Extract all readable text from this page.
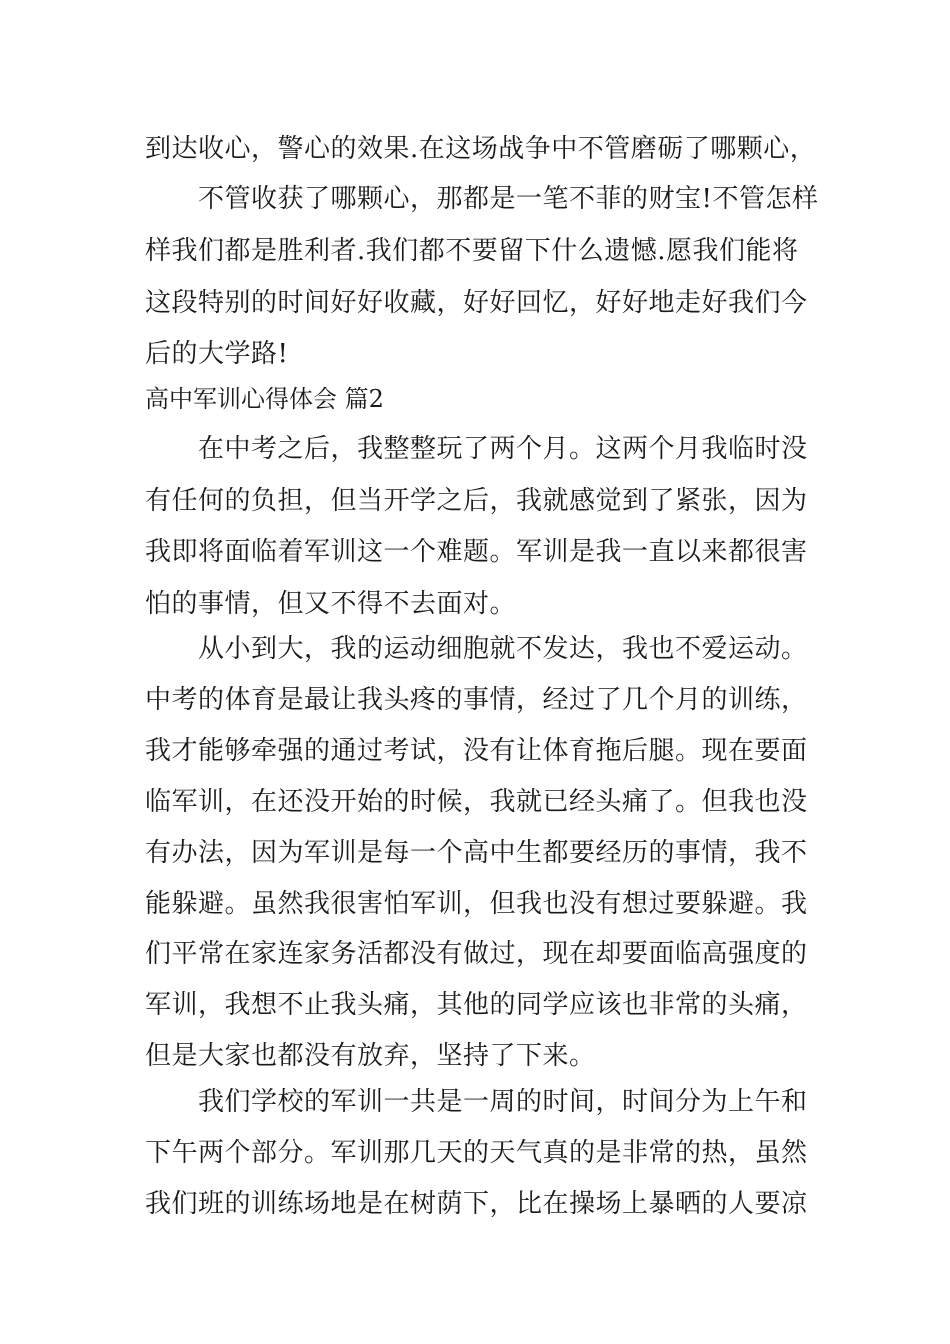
到达收心，警心的效果.在这场战争中不管磨砺了哪颗心，
不管收获了哪颗心，那都是一笔不菲的财宝!不管怎样
样我们都是胜利者.我们都不要留下什么遗憾.愿我们能将
这段特别的时间好好收藏，好好回忆，好好地走好我们今
后的大学路!
高中军训心得体会 篇2
在中考之后，我整整玩了两个月。这两个月我临时没
有任何的负担，但当开学之后，我就感觉到了紧张，因为
我即将面临着军训这一个难题。军训是我一直以来都很害
怕的事情，但又不得不去面对。
从小到大，我的运动细胞就不发达，我也不爱运动。
中考的体育是最让我头疼的事情，经过了几个月的训练，
我才能够牵强的通过考试，没有让体育拖后腿。现在要面
临军训，在还没开始的时候，我就已经头痛了。但我也没
有办法，因为军训是每一个高中生都要经历的事情，我不
能躲避。虽然我很害怕军训，但我也没有想过要躲避。我
们平常在家连家务活都没有做过，现在却要面临高强度的
军训，我想不止我头痛，其他的同学应该也非常的头痛，
但是大家也都没有放弃，坚持了下来。
我们学校的军训一共是一周的时间，时间分为上午和
下午两个部分。军训那几天的天气真的是非常的热，虽然
我们班的训练场地是在树荫下，比在操场上暴晒的人要凉
